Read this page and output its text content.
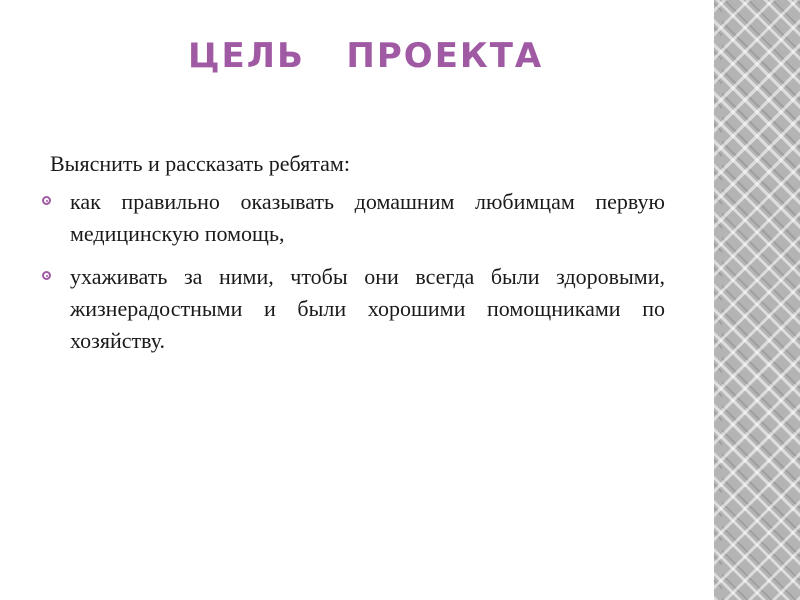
ЦЕЛЬ   ПРОЕКТА

Выяснить и рассказать ребятам:

как правильно оказывать домашним любимцам первую медицинскую помощь,
ухаживать за ними, чтобы они всегда были здоровыми, жизнерадостными и были хорошими помощниками по хозяйству.
